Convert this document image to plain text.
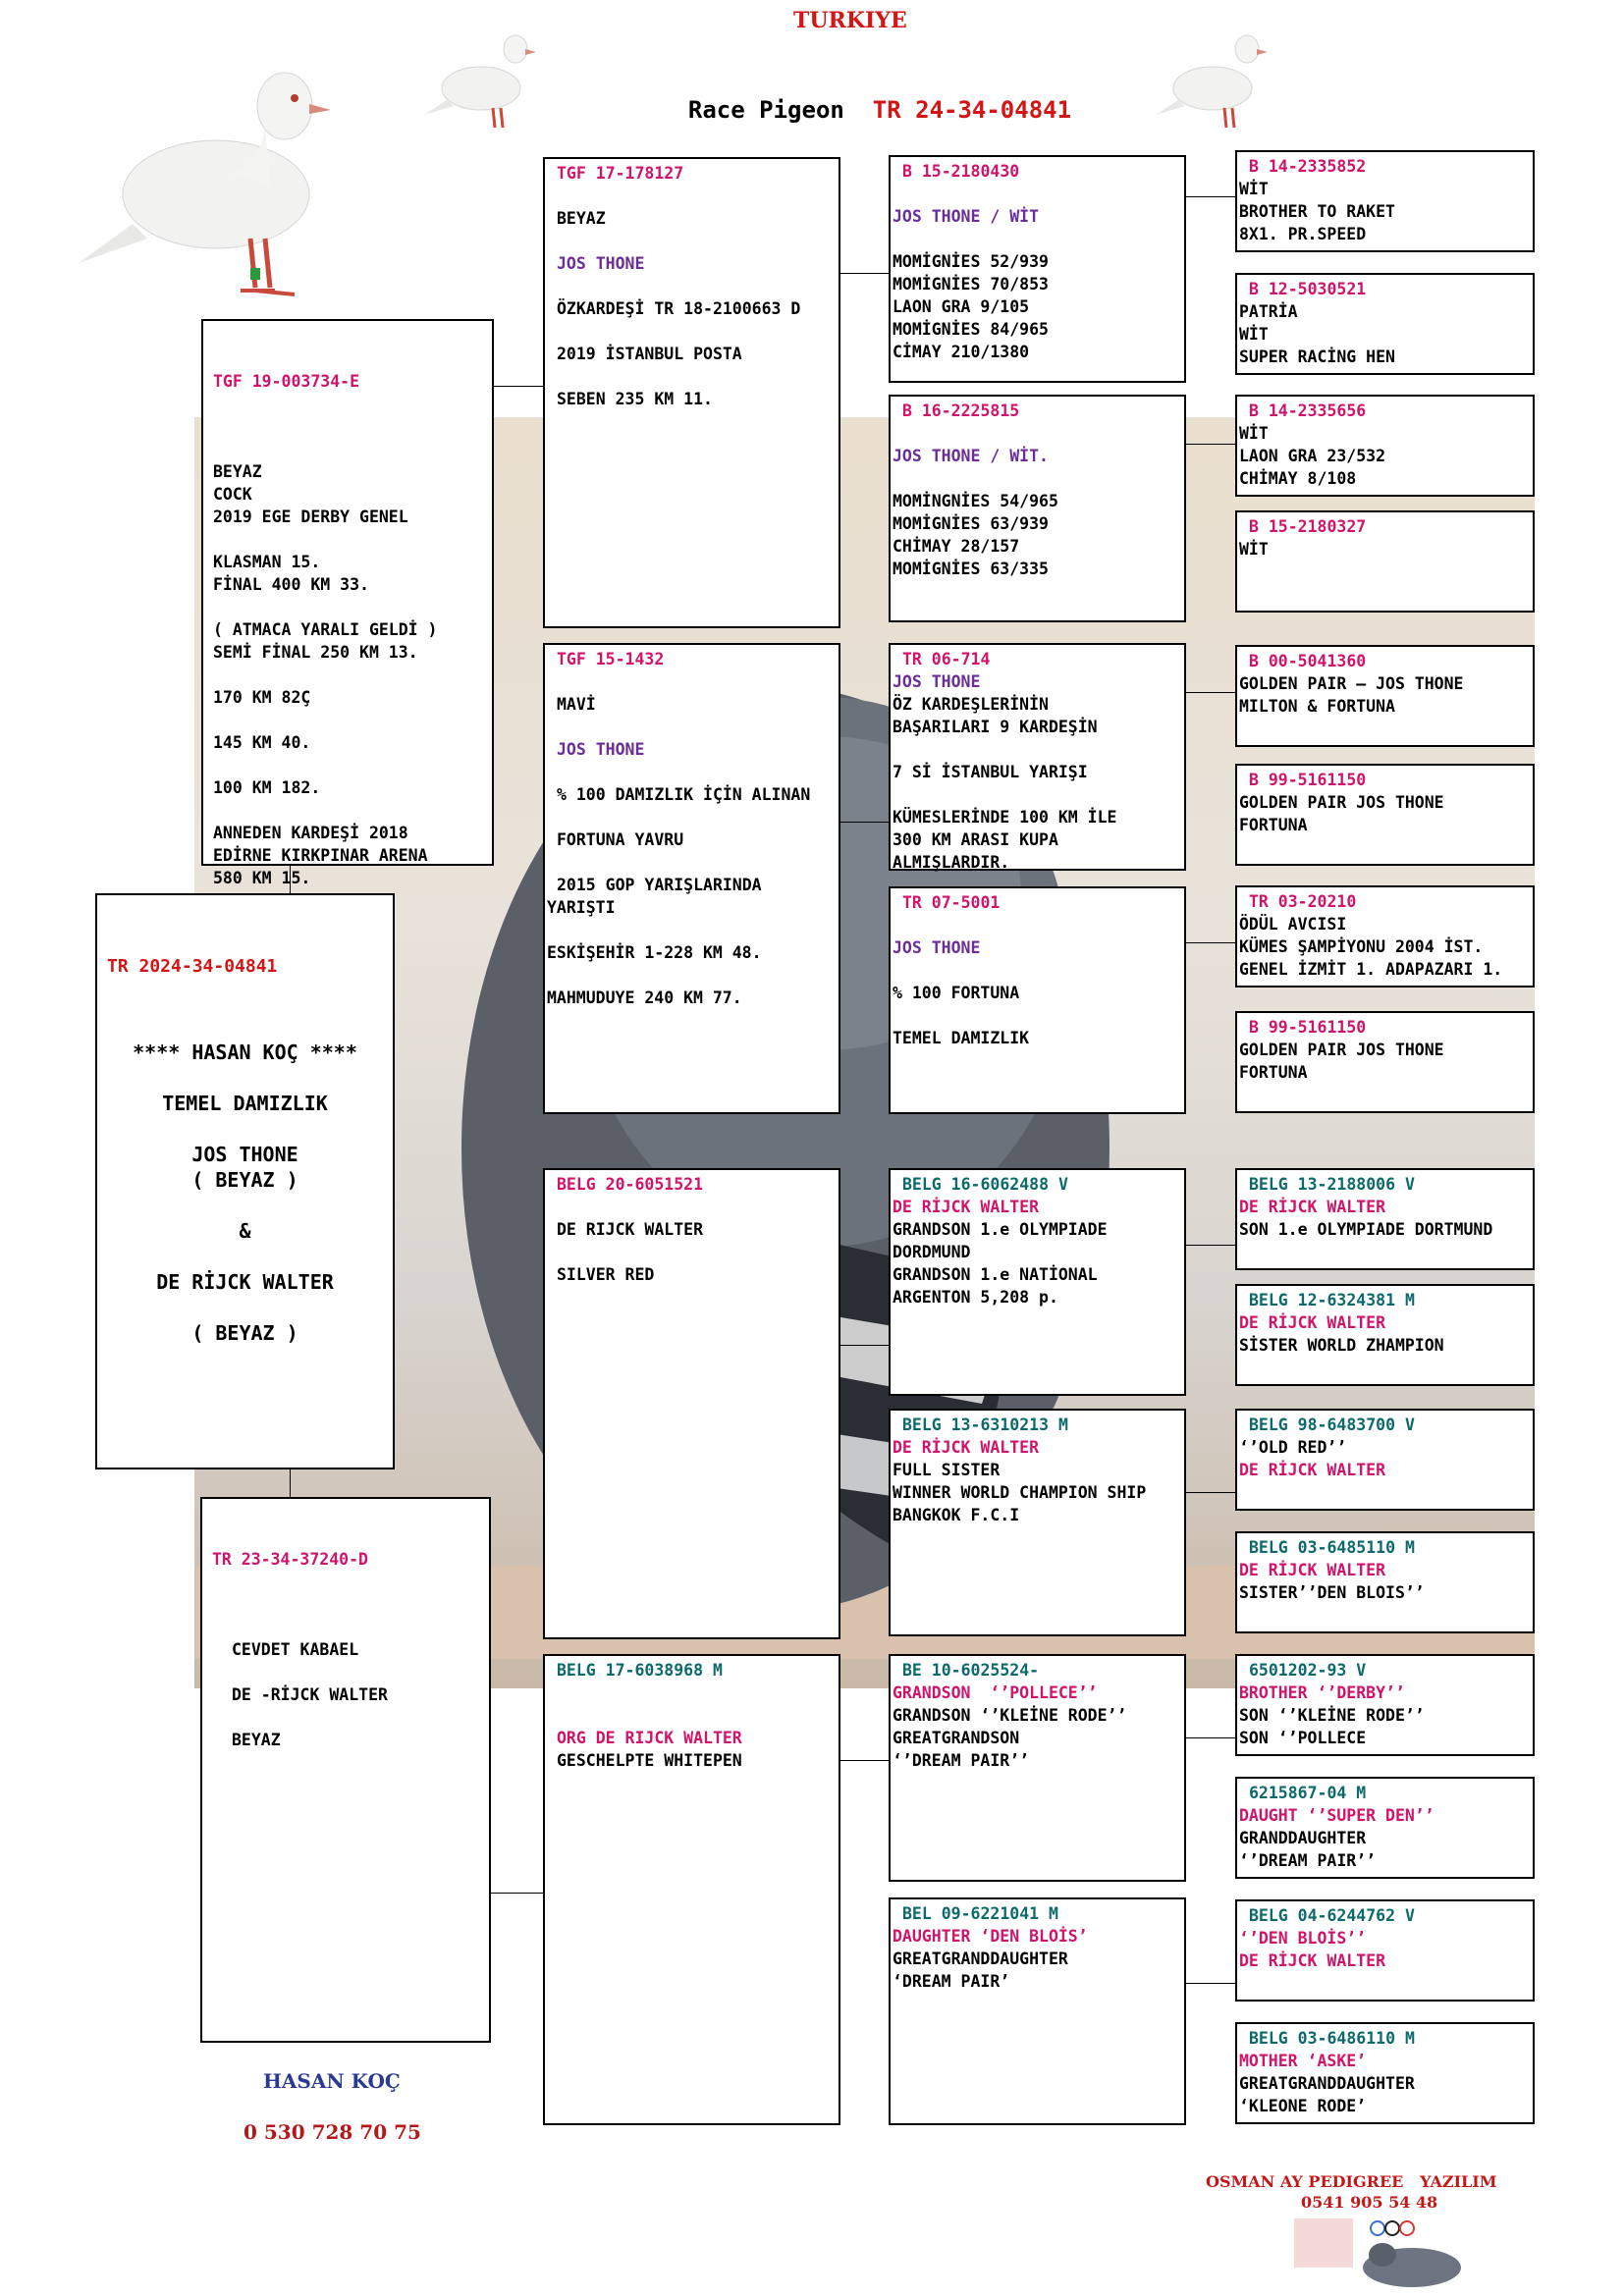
TURKIYE

Race Pigeon TR 24-34-04841

TR 2024-34-04841

**** HASAN KOÇ ****
TEMEL DAMIZLIK
JOS THONE
( BEYAZ )
&
DE RİJCK WALTER
( BEYAZ )

TGF 19-003734-E

BEYAZ
COCK
2019 EGE DERBY GENEL
KLASMAN 15.
FİNAL 400 KM 33.
( ATMACA YARALI GELDİ )
SEMİ FİNAL 250 KM 13.
170 KM 82Ç
145 KM 40.
100 KM 182.
ANNEDEN KARDEŞİ 2018
EDİRNE KIRKPINAR ARENA
580 KM 15.

TR 23-34-37240-D

CEVDET KABAEL
DE -RİJCK WALTER
BEYAZ

TGF 17-178127
BEYAZ
JOS THONE
ÖZKARDEŞİ TR 18-2100663 D
2019 İSTANBUL POSTA
SEBEN 235 KM 11.
TGF 15-1432
MAVİ
JOS THONE
% 100 DAMIZLIK İÇİN ALINAN
FORTUNA YAVRU
2015 GOP YARIŞLARINDA
YARIŞTI
ESKİŞEHİR 1-228 KM 48.
MAHMUDUYE 240 KM 77.
BELG 20-6051521
DE RIJCK WALTER
SILVER RED
BELG 17-6038968 M
ORG DE RIJCK WALTER
GESCHELPTE WHITEPEN
B 15-2180430
JOS THONE / WİT
MOMİGNİES 52/939
MOMİGNİES 70/853
LAON GRA 9/105
MOMİGNİES 84/965
CİMAY 210/1380
B 16-2225815
JOS THONE / WİT.
MOMİNGNİES 54/965
MOMİGNİES 63/939
CHİMAY 28/157
MOMİGNİES 63/335
TR 06-714
JOS THONE
ÖZ KARDEŞLERİNİN
BAŞARILARI 9 KARDEŞİN
7 Sİ İSTANBUL YARIŞI
KÜMESLERİNDE 100 KM İLE
300 KM ARASI KUPA
ALMIŞLARDIR.
TR 07-5001
JOS THONE
% 100 FORTUNA
TEMEL DAMIZLIK
BELG 16-6062488 V
DE RİJCK WALTER
GRANDSON 1.e OLYMPIADE
DORDMUND
GRANDSON 1.e NATİONAL
ARGENTON 5,208 p.
BELG 13-6310213 M
DE RİJCK WALTER
FULL SISTER
WINNER WORLD CHAMPION SHIP
BANGKOK F.C.I
BE 10-6025524-
GRANDSON  ‘’POLLECE’’
GRANDSON ‘’KLEİNE RODE’’
GREATGRANDSON
‘’DREAM PAIR’’
BEL 09-6221041 M
DAUGHTER ‘DEN BLOİS’
GREATGRANDDAUGHTER
‘DREAM PAIR’
B 14-2335852
WİT
BROTHER TO RAKET
8X1. PR.SPEED
B 12-5030521
PATRİA
WİT
SUPER RACİNG HEN
B 14-2335656
WİT
LAON GRA 23/532
CHİMAY 8/108
B 15-2180327
WİT
B 00-5041360
GOLDEN PAIR – JOS THONE
MILTON & FORTUNA
B 99-5161150
GOLDEN PAIR JOS THONE
FORTUNA
TR 03-20210
ÖDÜL AVCISI
KÜMES ŞAMPİYONU 2004 İST.
GENEL İZMİT 1. ADAPAZARI 1.
B 99-5161150
GOLDEN PAIR JOS THONE
FORTUNA
BELG 13-2188006 V
DE RİJCK WALTER
SON 1.e OLYMPIADE DORTMUND
BELG 12-6324381 M
DE RİJCK WALTER
SİSTER WORLD ZHAMPION
BELG 98-6483700 V
‘’OLD RED’’
DE RİJCK WALTER
BELG 03-6485110 M
DE RİJCK WALTER
SISTER’’DEN BLOIS’’
6501202-93 V
BROTHER ‘’DERBY’’
SON ‘’KLEİNE RODE’’
SON ‘’POLLECE
6215867-04 M
DAUGHT ‘’SUPER DEN’’
GRANDDAUGHTER
‘’DREAM PAIR’’
BELG 04-6244762 V
‘’DEN BLOİS’’
DE RİJCK WALTER
BELG 03-6486110 M
MOTHER ‘ASKE’
GREATGRANDDAUGHTER
‘KLEONE RODE’
HASAN KOÇ
0 530 728 70 75
OSMAN AY PEDIGREE   YAZILIM
0541 905 54 48
